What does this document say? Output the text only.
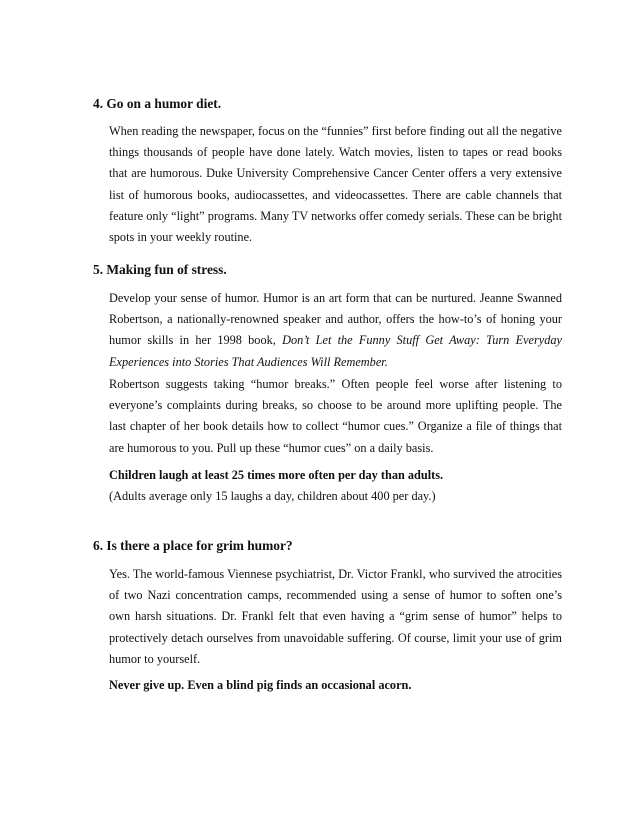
4. Go on a humor diet.

When reading the newspaper, focus on the “funnies” first before finding out all the negative things thousands of people have done lately. Watch movies, listen to tapes or read books that are humorous. Duke University Comprehensive Cancer Center offers a very extensive list of humorous books, audiocassettes, and videocassettes. There are cable channels that feature only “light” programs. Many TV networks offer comedy serials. These can be bright spots in your weekly routine.

5. Making fun of stress.

Develop your sense of humor. Humor is an art form that can be nurtured. Jeanne Swanned Robertson, a nationally-renowned speaker and author, offers the how-to’s of honing your humor skills in her 1998 book, Don’t Let the Funny Stuff Get Away: Turn Everyday Experiences into Stories That Audiences Will Remember.

Robertson suggests taking “humor breaks.” Often people feel worse after listening to everyone’s complaints during breaks, so choose to be around more uplifting people. The last chapter of her book details how to collect “humor cues.” Organize a file of things that are humorous to you. Pull up these “humor cues” on a daily basis.

Children laugh at least 25 times more often per day than adults.
(Adults average only 15 laughs a day, children about 400 per day.)
6. Is there a place for grim humor?

Yes. The world-famous Viennese psychiatrist, Dr. Victor Frankl, who survived the atrocities of two Nazi concentration camps, recommended using a sense of humor to soften one’s own harsh situations. Dr. Frankl felt that even having a “grim sense of humor” helps to protectively detach ourselves from unavoidable suffering. Of course, limit your use of grim humor to yourself.

Never give up. Even a blind pig finds an occasional acorn.
